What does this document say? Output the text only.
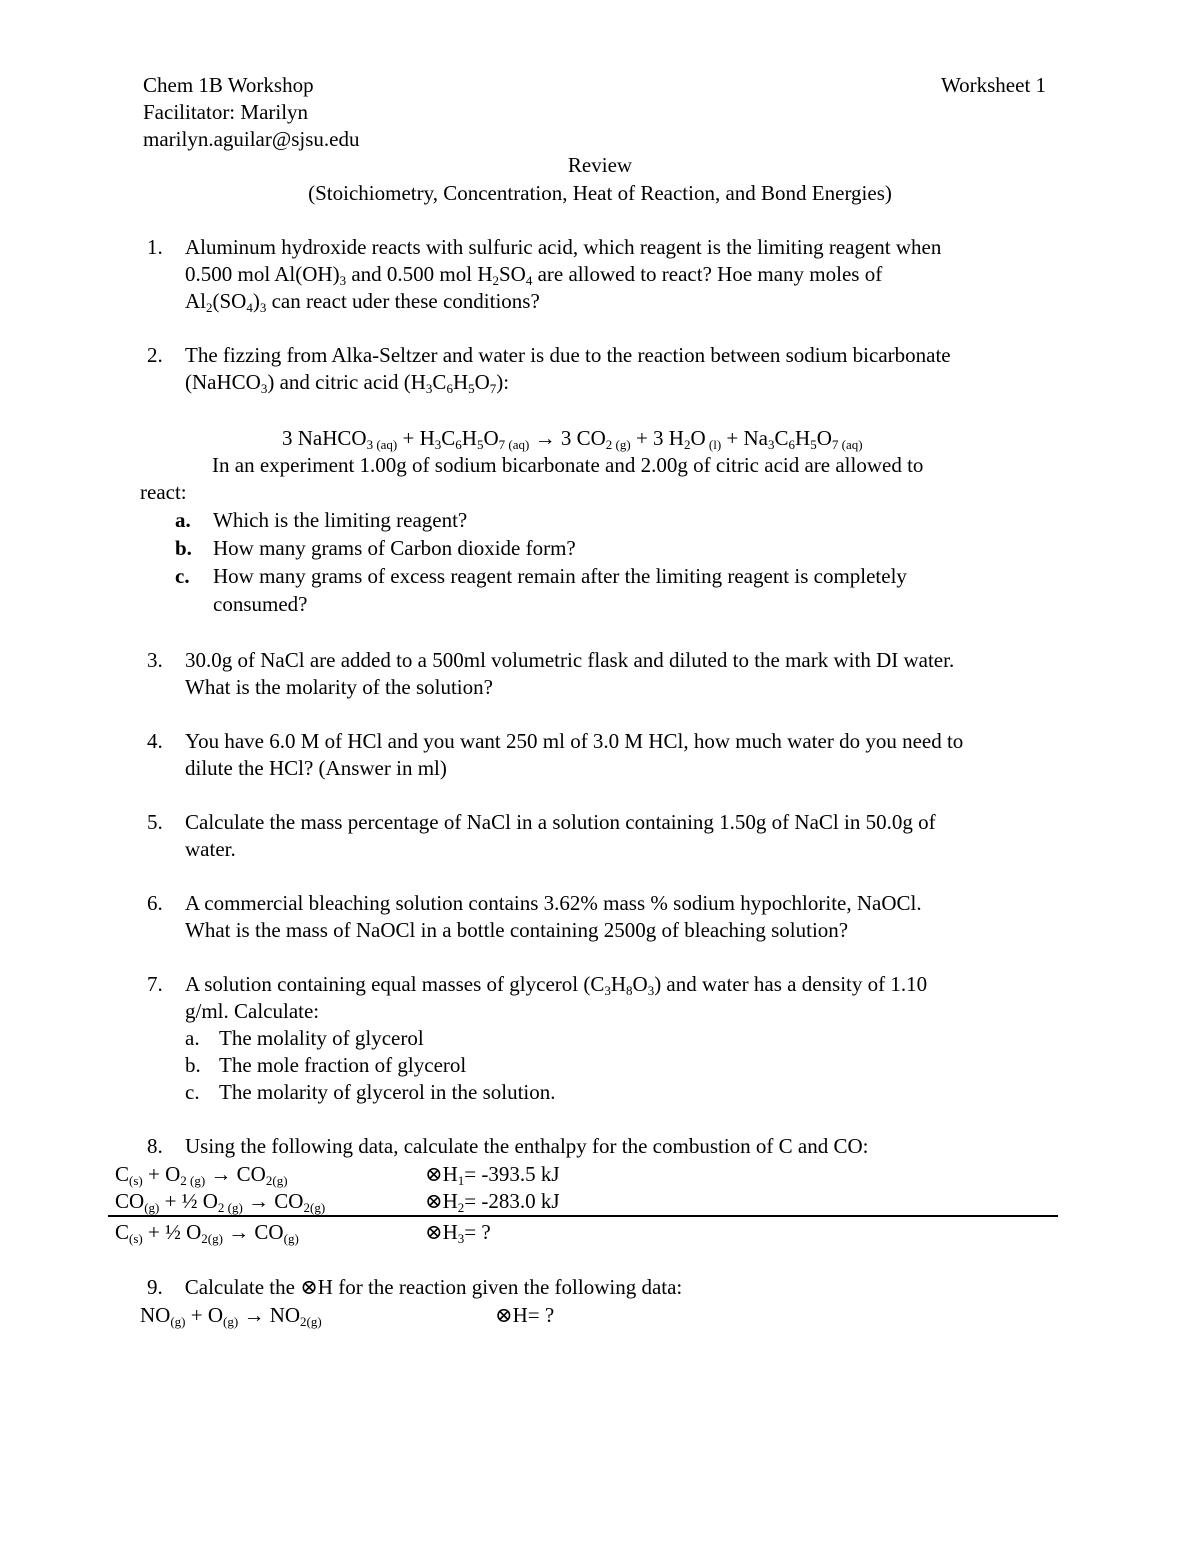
Chem 1B Workshop	Worksheet 1
Facilitator: Marilyn
marilyn.aguilar@sjsu.edu
Review
(Stoichiometry, Concentration, Heat of Reaction, and Bond Energies)
1.	Aluminum hydroxide reacts with sulfuric acid, which reagent is the limiting reagent when
0.500 mol $Al(OH)_3$ and 0.500 mol $H_2SO_4$ are allowed to react? Hoe many moles of
$Al_2(SO_4)_3$ can react uder these conditions?
2.	The fizzing from Alka-Seltzer and water is due to the reaction between sodium bicarbonate
(NaHCO$_3$) and citric acid $(H_3C_6H_5O_7)$:
3 NaHCO$_{3 (aq)}$ + $H_3C_6H_5O_{7 (aq)} \to 3$ $CO_{2 (g)} + 3$ $H_2O$ $_{(l)} + Na_3C_6H_5O_{7 (aq)}$
In an experiment 1.00g of sodium bicarbonate and 2.00g of citric acid are allowed to
react:
a. Which is the limiting reagent?
b. How many grams of Carbon dioxide form?
c. How many grams of excess reagent remain after the limiting reagent is completely
consumed?
3.	30.0g of NaCl are added to a 500ml volumetric flask and diluted to the mark with DI water.
What is the molarity of the solution?
4.	You have 6.0 M of HCl and you want 250 ml of 3.0 M HCl, how much water do you need to
dilute the HCl? (Answer in ml)
5.	Calculate the mass percentage of NaCl in a solution containing 1.50g of NaCl in 50.0g of
water.
6.	A commercial bleaching solution contains 3.62% mass % sodium hypochlorite, NaOCl.
What is the mass of NaOCl in a bottle containing 2500g of bleaching solution?
7.	A solution containing equal masses of glycerol $(C_3H_8O_3)$ and water has a density of 1.10
g/ml. Calculate:
a. The molality of glycerol
b. The mole fraction of glycerol
c. The molarity of glycerol in the solution.
8.	Using the following data, calculate the enthalpy for the combustion of C and CO:
$C_{(s)} + O_{2 (g)} \to CO_{2(g)}$	$\otimes H_1= -393.5$ kJ
$CO_{(g)}$ + ½ $O_{2 (g)} \to CO_{2(g)}$	$\otimes H_2= -283.0$ kJ
$C_{(s)}$ + ½ $O_{2(g)} \to CO_{(g)}$	$\otimes H_3=$ ?
9. Calculate the ⊗H for the reaction given the following data:
$NO_{(g)} + O_{(g)} \to NO_{2(g)}$	⊗H= ?
